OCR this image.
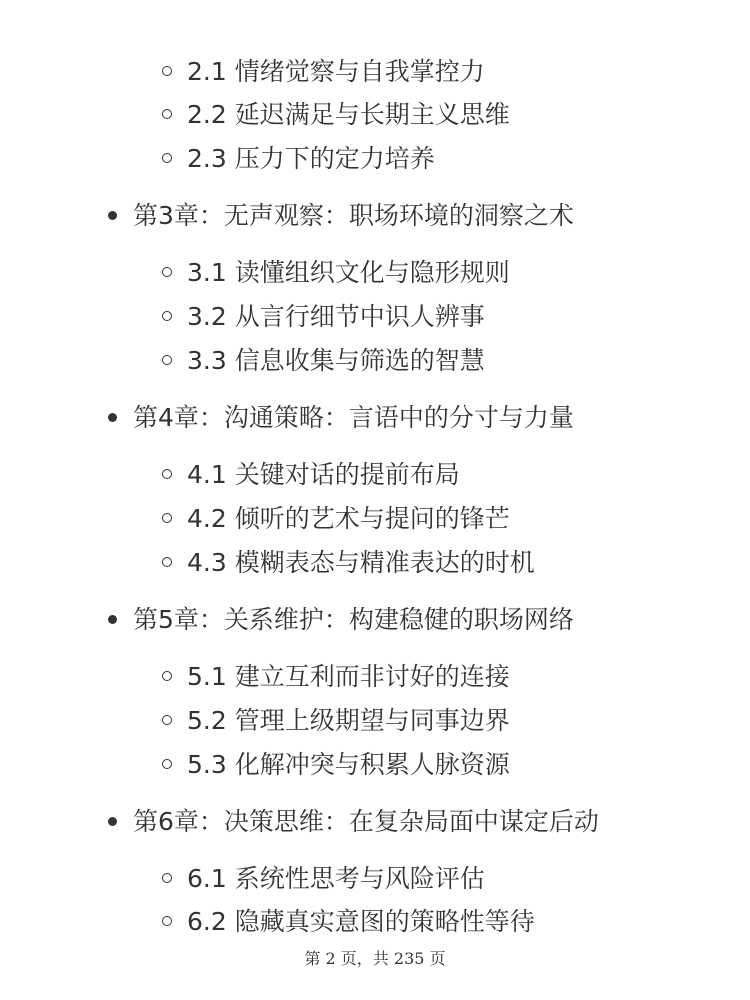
2.1 情绪觉察与自我掌控力
2.2 延迟满足与长期主义思维
2.3 压力下的定力培养
第3章：无声观察：职场环境的洞察之术
3.1 读懂组织文化与隐形规则
3.2 从言行细节中识人辨事
3.3 信息收集与筛选的智慧
第4章：沟通策略：言语中的分寸与力量
4.1 关键对话的提前布局
4.2 倾听的艺术与提问的锋芒
4.3 模糊表态与精准表达的时机
第5章：关系维护：构建稳健的职场网络
5.1 建立互利而非讨好的连接
5.2 管理上级期望与同事边界
5.3 化解冲突与积累人脉资源
第6章：决策思维：在复杂局面中谋定后动
6.1 系统性思考与风险评估
6.2 隐藏真实意图的策略性等待
第 2 页，共 235 页
